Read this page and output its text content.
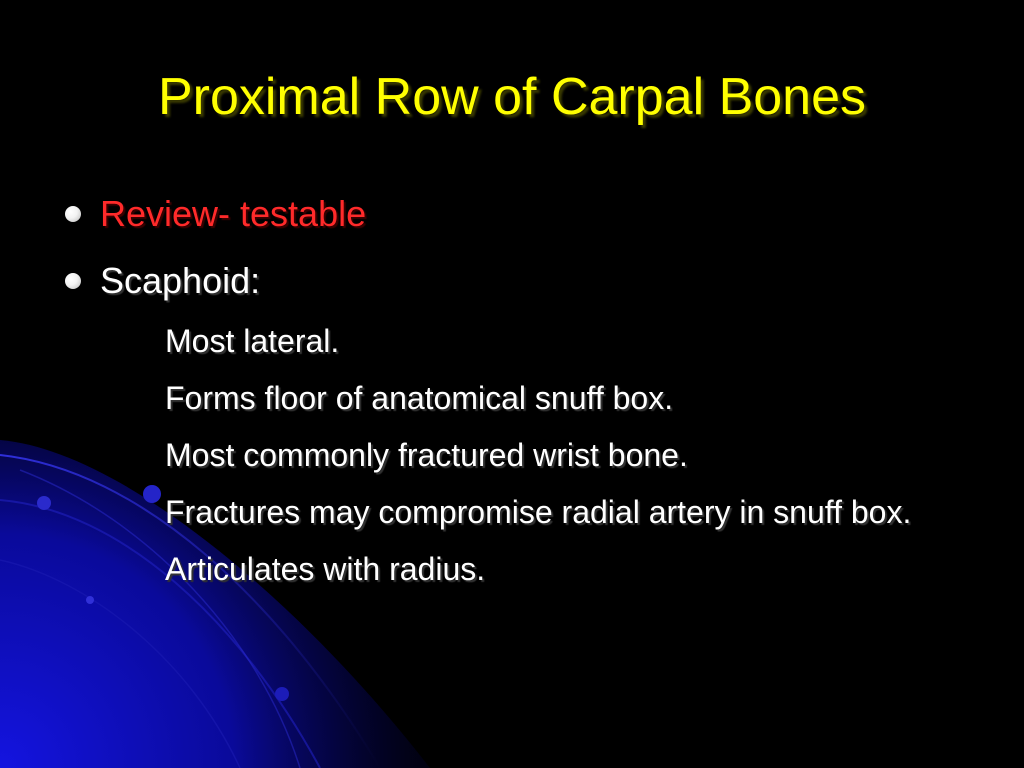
Proximal Row of Carpal Bones
Review- testable
Scaphoid:

Most lateral.

Forms floor of anatomical snuff box.

Most commonly fractured wrist bone.

Fractures may compromise radial artery in snuff box.

Articulates with radius.
